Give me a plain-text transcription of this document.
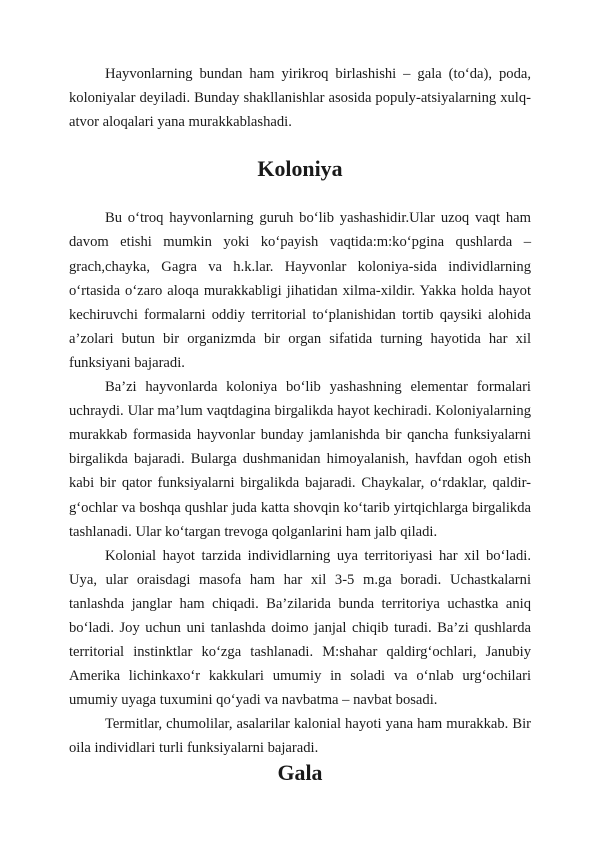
Hayvonlarning bundan ham yirikroq birlashishi – gala (to‘da), poda, koloniyalar deyiladi. Bunday shakllanishlar asosida populy-atsiyalarning xulq-atvor aloqalari yana murakkablashadi.

Koloniya

Bu o‘troq hayvonlarning guruh bo‘lib yashashidir.Ular uzoq vaqt ham davom etishi mumkin yoki ko‘payish vaqtida:m:ko‘pgina qushlarda – grach,chayka, Gagra va h.k.lar. Hayvonlar koloniya-sida individlarning o‘rtasida o‘zaro aloqa murakkabligi jihatidan xilma-xildir. Yakka holda hayot kechiruvchi formalarni oddiy territorial to‘planishidan tortib qaysiki alohida a’zolari butun bir organizmda bir organ sifatida turning hayotida har xil funksiyani bajaradi.

Ba’zi hayvonlarda koloniya bo‘lib yashashning elementar formalari uchraydi. Ular ma’lum vaqtdagina birgalikda hayot kechiradi. Koloniyalarning murakkab formasida hayvonlar bunday jamlanishda bir qancha funksiyalarni birgalikda bajaradi. Bularga dushmanidan himoyalanish, havfdan ogoh etish kabi bir qator funksiyalarni birgalikda bajaradi. Chaykalar, o‘rdaklar, qaldir-g‘ochlar va boshqa qushlar juda katta shovqin ko‘tarib yirtqichlarga birgalikda tashlanadi. Ular ko‘targan trevoga qolganlarini ham jalb qiladi.

Kolonial hayot tarzida individlarning uya territoriyasi har xil bo‘ladi. Uya, ular oraisdagi masofa ham har xil 3-5 m.ga boradi. Uchastkalarni tanlashda janglar ham chiqadi. Ba’zilarida bunda territoriya uchastka aniq bo‘ladi. Joy uchun uni tanlashda doimo janjal chiqib turadi. Ba’zi qushlarda territorial instinktlar ko‘zga tashlanadi. M:shahar qaldirg‘ochlari, Janubiy Amerika lichinkaxo‘r kakkulari umumiy in soladi va o‘nlab urg‘ochilari umumiy uyaga tuxumini qo‘yadi va navbatma – navbat bosadi.

Termitlar, chumolilar, asalarilar kalonial hayoti yana ham murakkab. Bir oila individlari turli funksiyalarni bajaradi.

Gala
